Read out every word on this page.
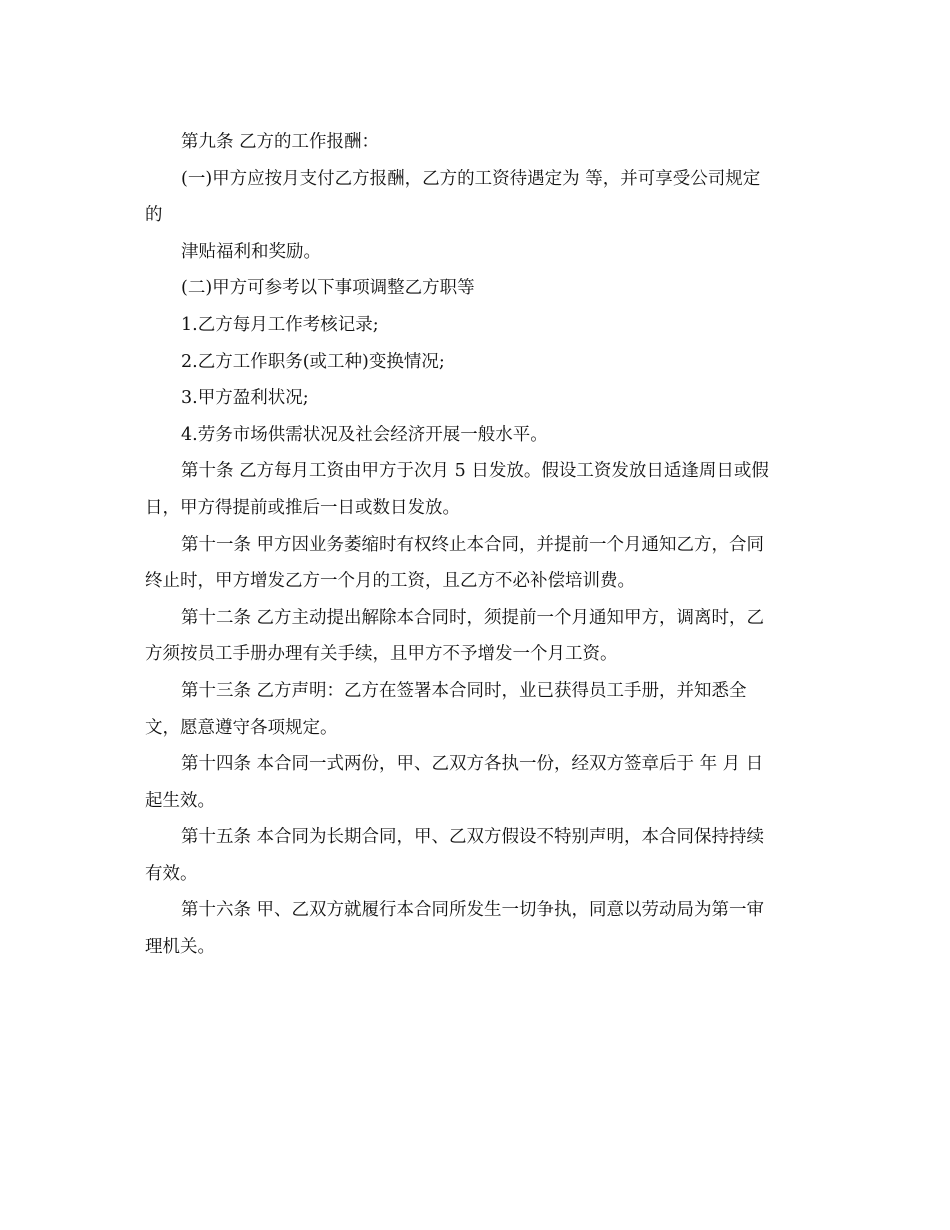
第九条 乙方的工作报酬：

(一)甲方应按月支付乙方报酬，乙方的工资待遇定为 等，并可享受公司规定

的

津贴福利和奖励。

(二)甲方可参考以下事项调整乙方职等

1.乙方每月工作考核记录;

2.乙方工作职务(或工种)变换情况;

3.甲方盈利状况;

4.劳务市场供需状况及社会经济开展一般水平。

第十条 乙方每月工资由甲方于次月 5 日发放。假设工资发放日适逢周日或假

日，甲方得提前或推后一日或数日发放。

第十一条 甲方因业务萎缩时有权终止本合同，并提前一个月通知乙方，合同

终止时，甲方增发乙方一个月的工资，且乙方不必补偿培训费。

第十二条 乙方主动提出解除本合同时，须提前一个月通知甲方，调离时，乙

方须按员工手册办理有关手续，且甲方不予增发一个月工资。

第十三条 乙方声明：乙方在签署本合同时，业已获得员工手册，并知悉全

文，愿意遵守各项规定。

第十四条 本合同一式两份，甲、乙双方各执一份，经双方签章后于 年 月 日

起生效。

第十五条 本合同为长期合同，甲、乙双方假设不特别声明，本合同保持持续

有效。

第十六条 甲、乙双方就履行本合同所发生一切争执，同意以劳动局为第一审

理机关。
